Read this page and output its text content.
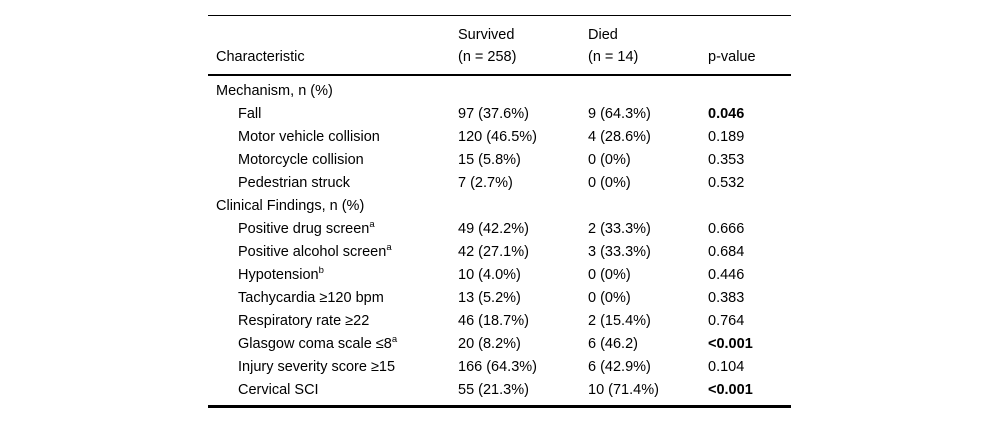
	Survived	Died	
Characteristic	(n = 258)	(n = 14)	p-value
Mechanism, n (%)			
Fall	97 (37.6%)	9 (64.3%)	0.046
Motor vehicle collision	120 (46.5%)	4 (28.6%)	0.189
Motorcycle collision	15 (5.8%)	0 (0%)	0.353
Pedestrian struck	7 (2.7%)	0 (0%)	0.532
Clinical Findings, n (%)			
Positive drug screen$^a$	49 (42.2%)	2 (33.3%)	0.666
Positive alcohol screen$^a$	42 (27.1%)	3 (33.3%)	0.684
Hypotension$^b$	10 (4.0%)	0 (0%)	0.446
Tachycardia ≥120 bpm	13 (5.2%)	0 (0%)	0.383
Respiratory rate ≥22	46 (18.7%)	2 (15.4%)	0.764
Glasgow coma scale $\le 8^a$	20 (8.2%)	6 (46.2)	<0.001
Injury severity score ≥15	166 (64.3%)	6 (42.9%)	0.104
Cervical SCI	55 (21.3%)	10 (71.4%)	<0.001
